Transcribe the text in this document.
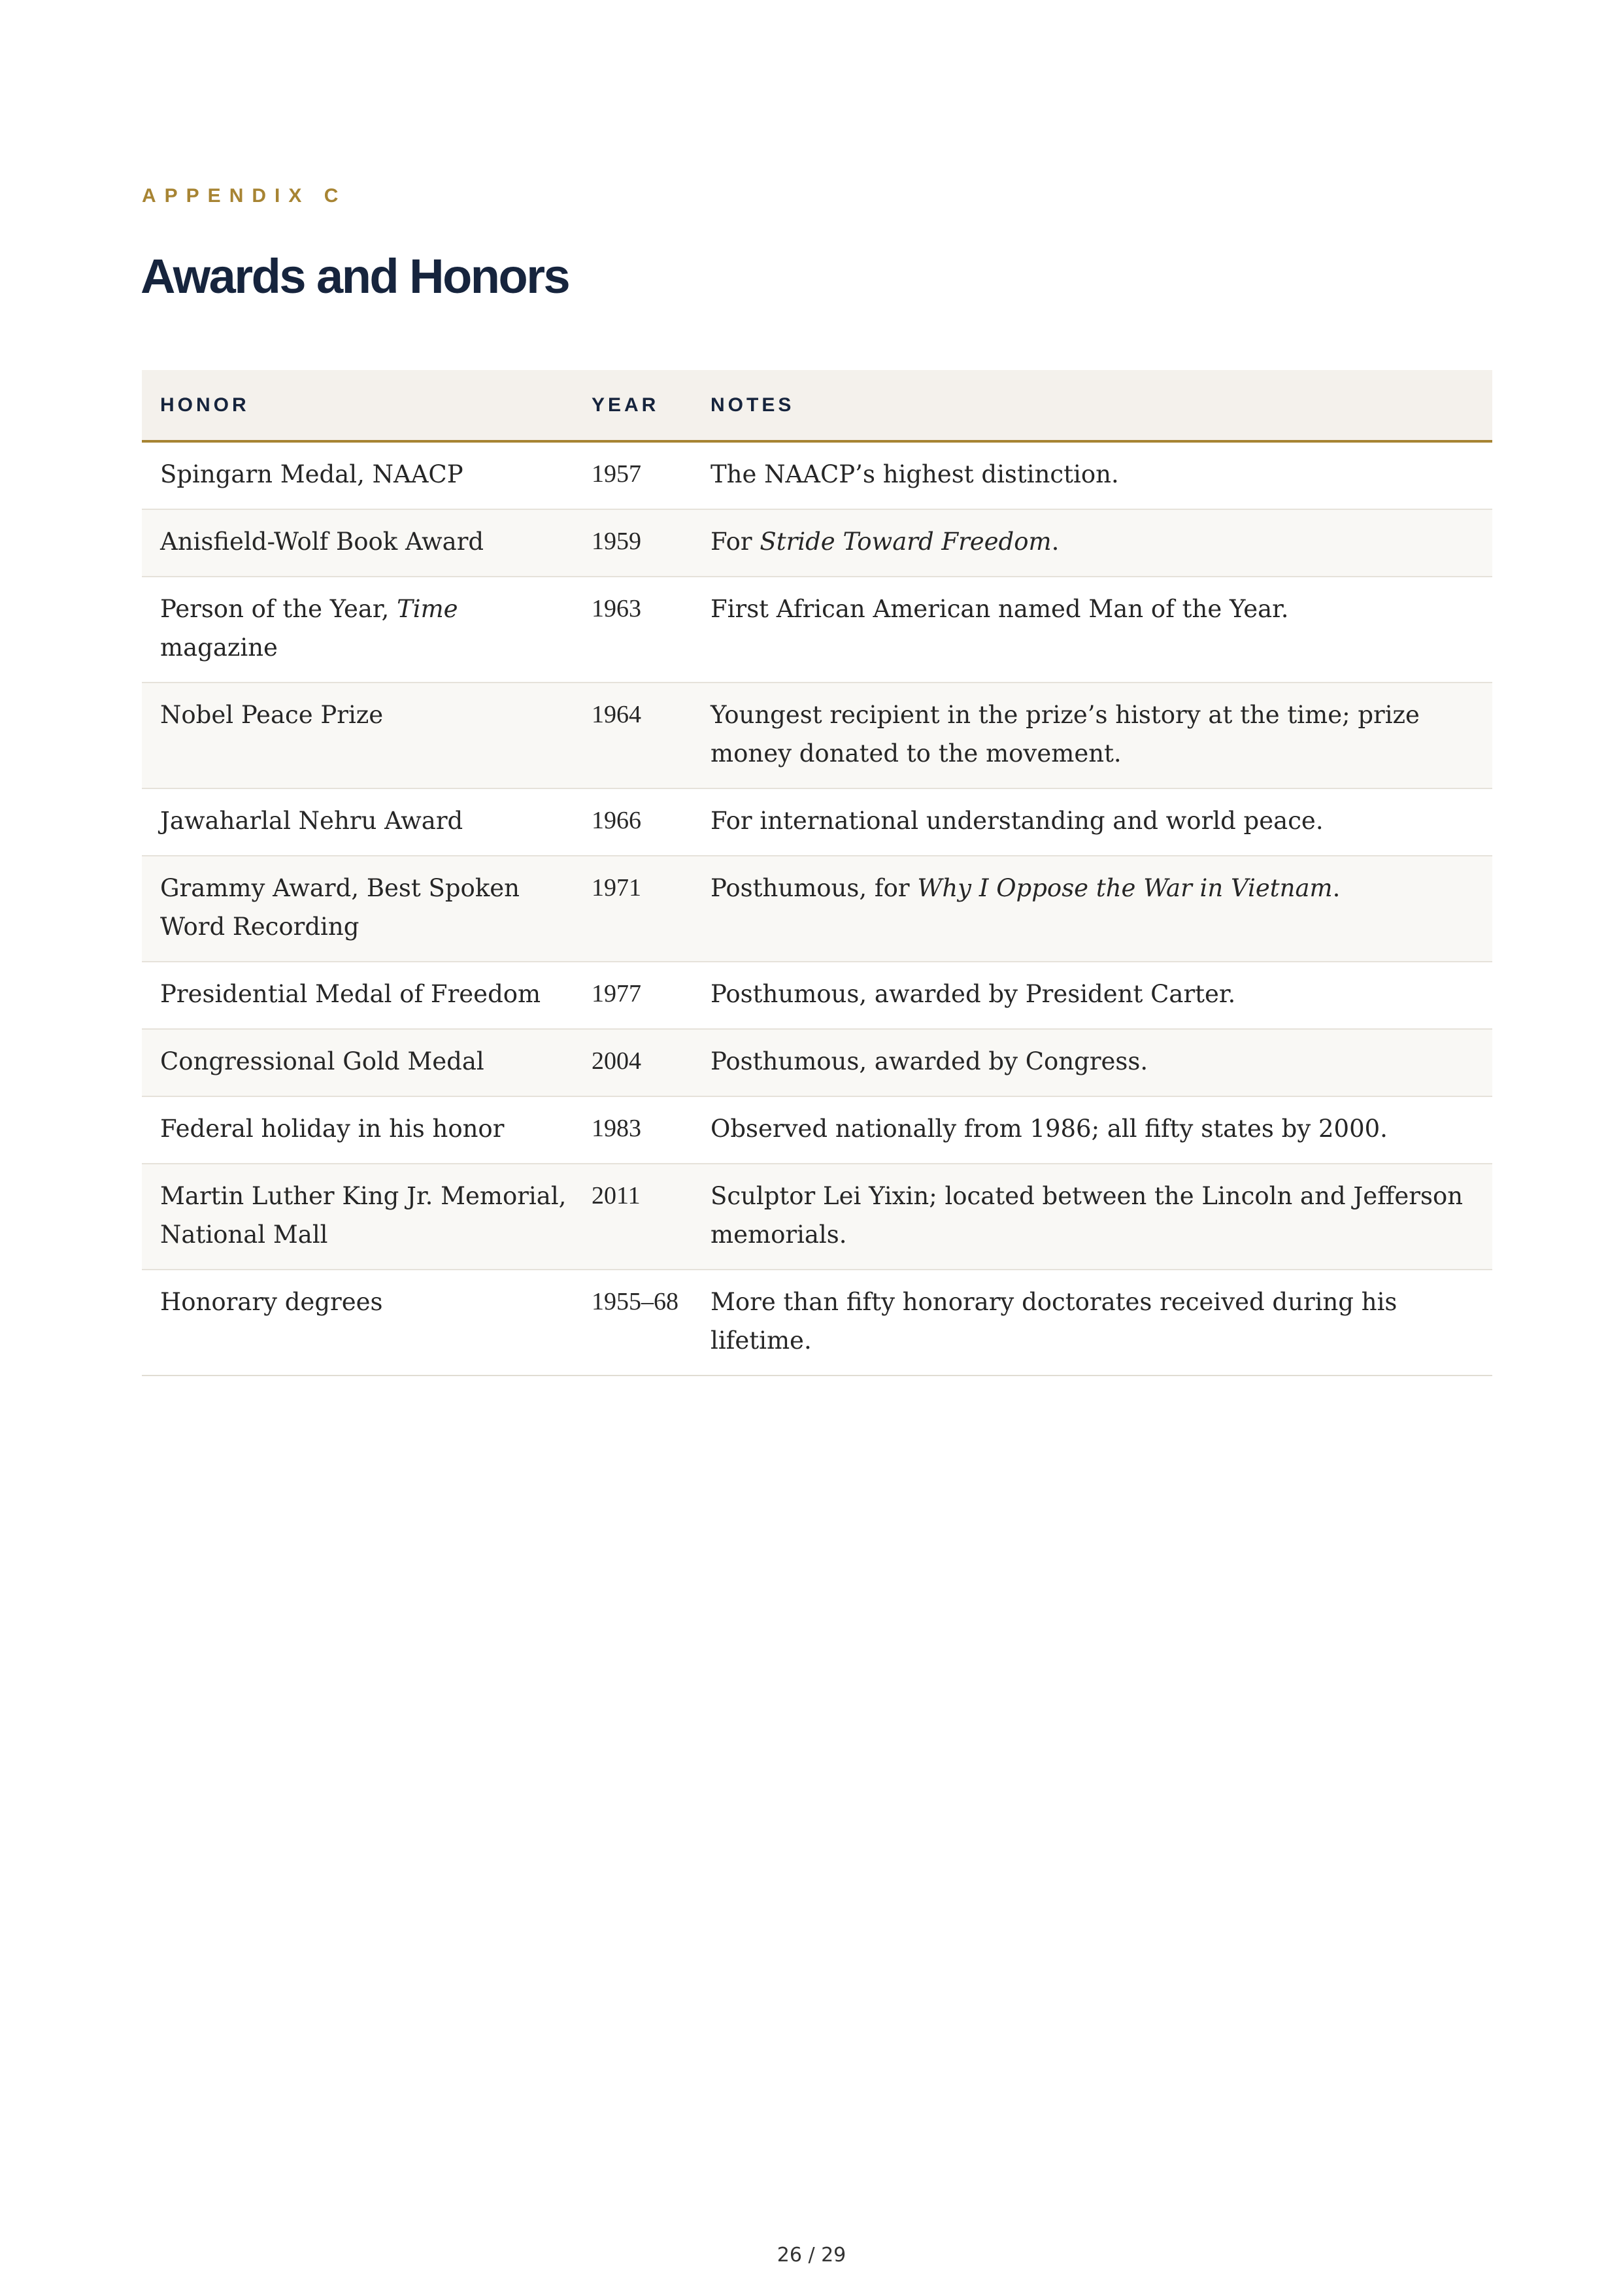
APPENDIX C
Awards and Honors
HONOR	YEAR	NOTES
Spingarn Medal, NAACP	1957	The NAACP’s highest distinction.
Anisfield-Wolf Book Award	1959	For Stride Toward Freedom.
Person of the Year, Time magazine	1963	First African American named Man of the Year.
Nobel Peace Prize	1964	Youngest recipient in the prize’s history at the time; prize money donated to the movement.
Jawaharlal Nehru Award	1966	For international understanding and world peace.
Grammy Award, Best Spoken Word Recording	1971	Posthumous, for Why I Oppose the War in Vietnam.
Presidential Medal of Freedom	1977	Posthumous, awarded by President Carter.
Congressional Gold Medal	2004	Posthumous, awarded by Congress.
Federal holiday in his honor	1983	Observed nationally from 1986; all fifty states by 2000.
Martin Luther King Jr. Memorial, National Mall	2011	Sculptor Lei Yixin; located between the Lincoln and Jefferson memorials.
Honorary degrees	1955–68	More than fifty honorary doctorates received during his lifetime.
26 / 29
